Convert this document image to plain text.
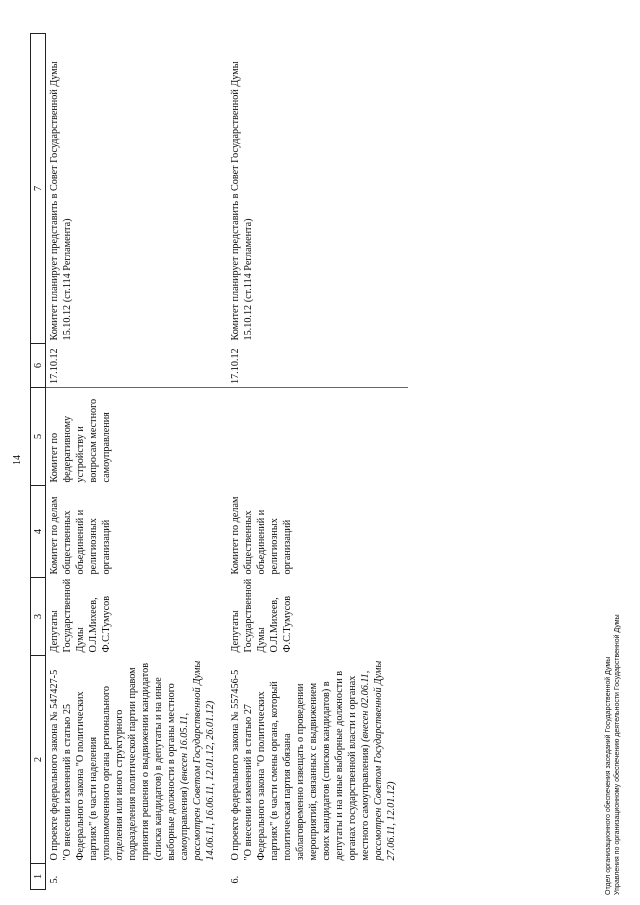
14
1	2	3	4	5	6	7
5.	О проекте федерального закона № 547427-5 "О внесении изменений в статью 25 Федерального закона "О политических партиях" (в части наделения уполномоченного органа регионального отделения или иного структурного подразделения политической партии правом принятия решения о выдвижении кандидатов (списка кандидатов) в депутаты и на иные выборные должности в органы местного самоуправления) (внесен 16.05.11, рассмотрен Советом Государственной Думы 14.06.11, 16.06.11, 12.01.12, 26.01.12)	Депутаты Государственной Думы О.Л.Михеев, Ф.С.Тумусов	Комитет по делам общественных объединений и религиозных организаций	Комитет по федеративному устройству и вопросам местного самоуправления	17.10.12	Комитет планирует представить в Совет Государственной Думы 15.10.12 (ст.114 Регламента)
6.	О проекте федерального закона № 557456-5 "О внесении изменений в статью 27 Федерального закона "О политических партиях" (в части смены органа, который политическая партия обязана заблаговременно извещать о проведении мероприятий, связанных с выдвижением своих кандидатов (списков кандидатов) в депутаты и на иные выборные должности в органах государственной власти и органах местного самоуправления) (внесен 02.06.11, рассмотрен Советом Государственной Думы 27.06.11, 12.01.12)	Депутаты Государственной Думы О.Л.Михеев, Ф.С.Тумусов	Комитет по делам общественных объединений и религиозных организаций		17.10.12	Комитет планирует представить в Совет Государственной Думы 15.10.12 (ст.114 Регламента)
Отдел организационного обеспечения заседаний Государственной Думы Управления по организационному обеспечению деятельности Государственной Думы
